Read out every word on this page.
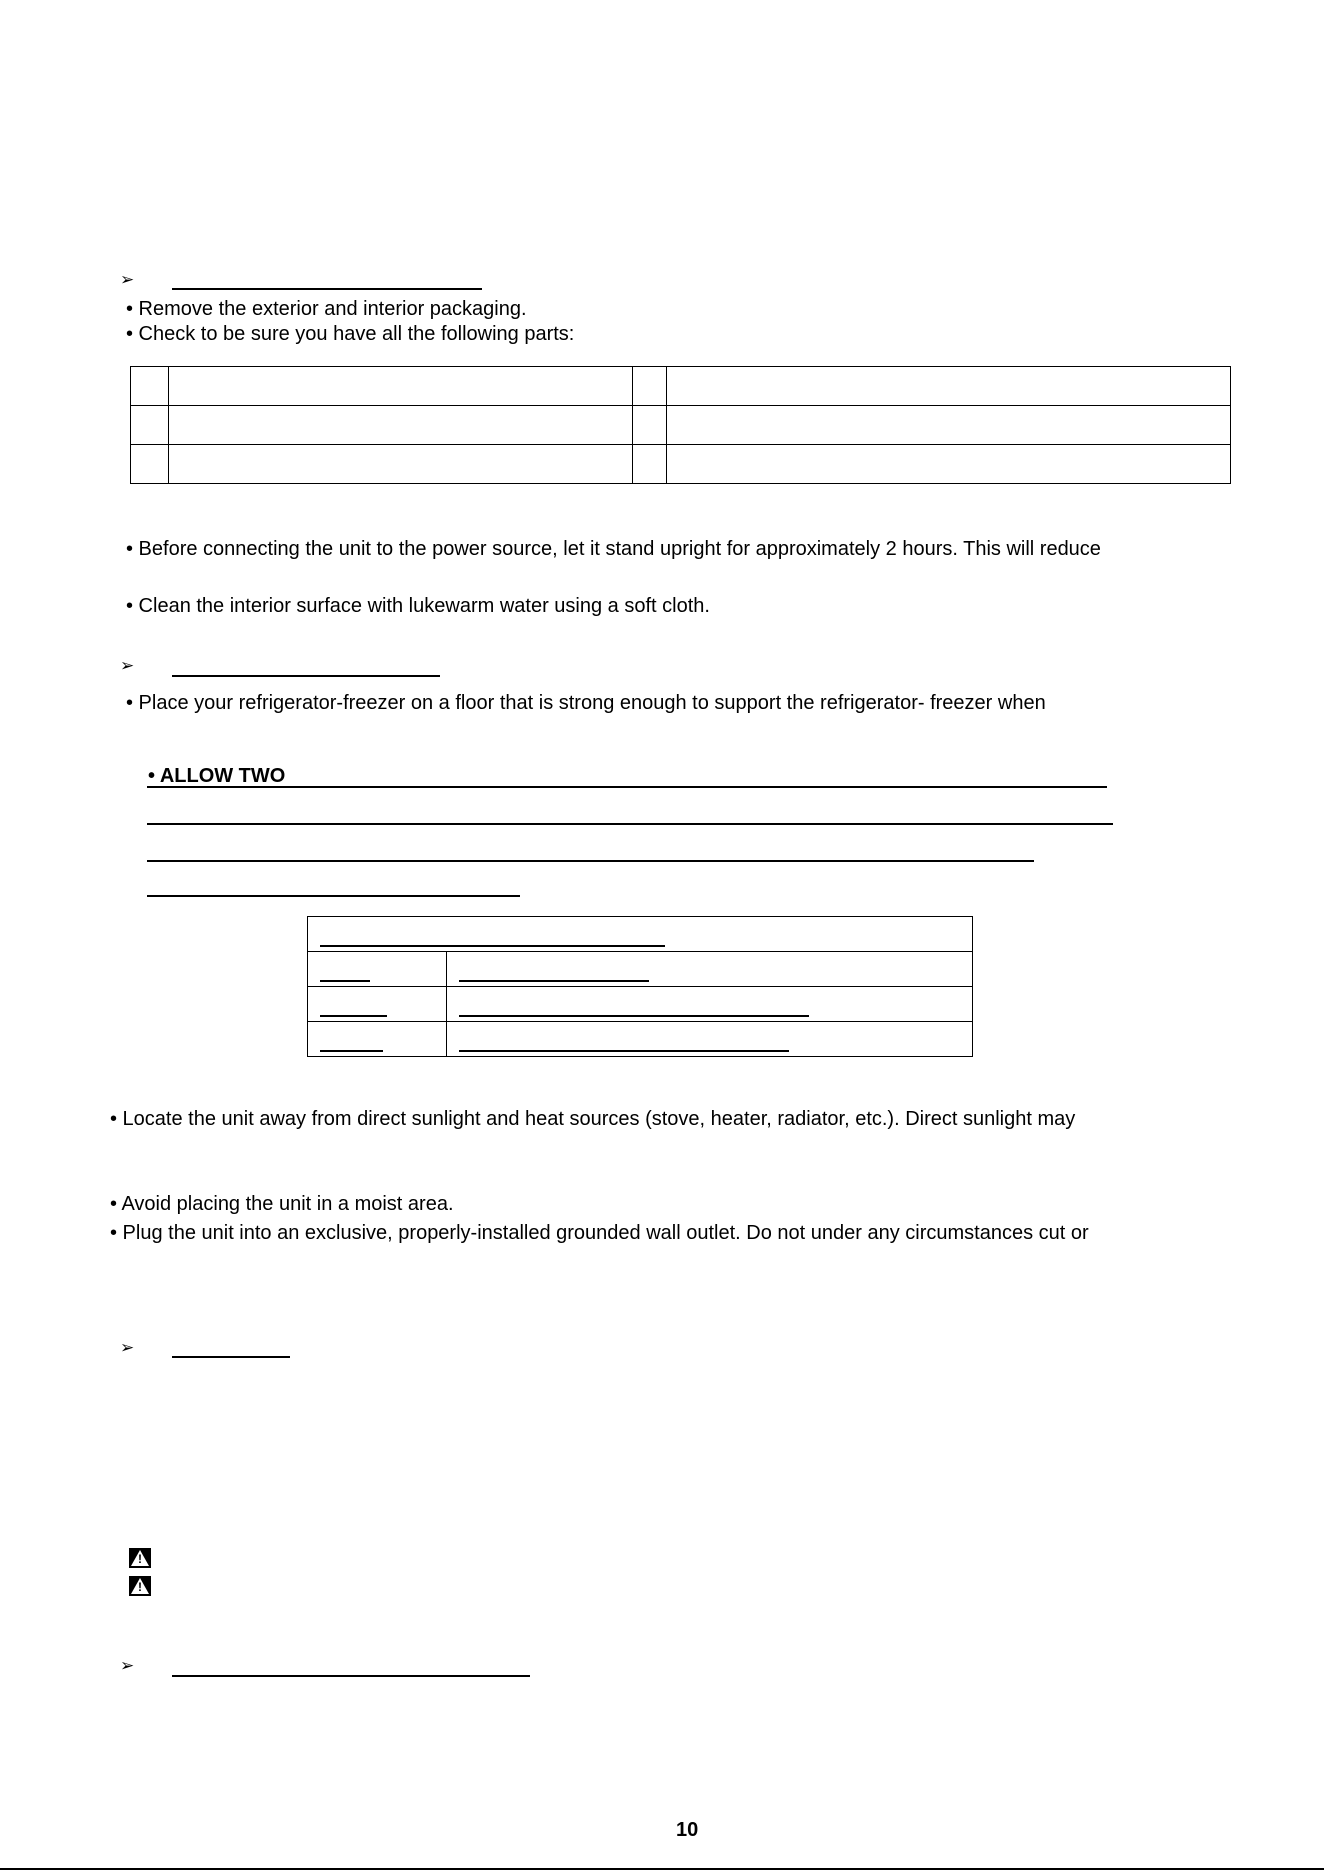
➢
• Remove the exterior and interior packaging.
• Check to be sure you have all the following parts:

• Before connecting the unit to the power source, let it stand upright for approximately 2 hours. This will reduce
• Clean the interior surface with lukewarm water using a soft cloth.
➢
• Place your refrigerator-freezer on a floor that is strong enough to support the refrigerator- freezer when
• ALLOW TWO

• Locate the unit away from direct sunlight and heat sources (stove, heater, radiator, etc.). Direct sunlight may
• Avoid placing the unit in a moist area.
• Plug the unit into an exclusive, properly-installed grounded wall outlet. Do not under any circumstances cut or
➢
!
!
➢
10
